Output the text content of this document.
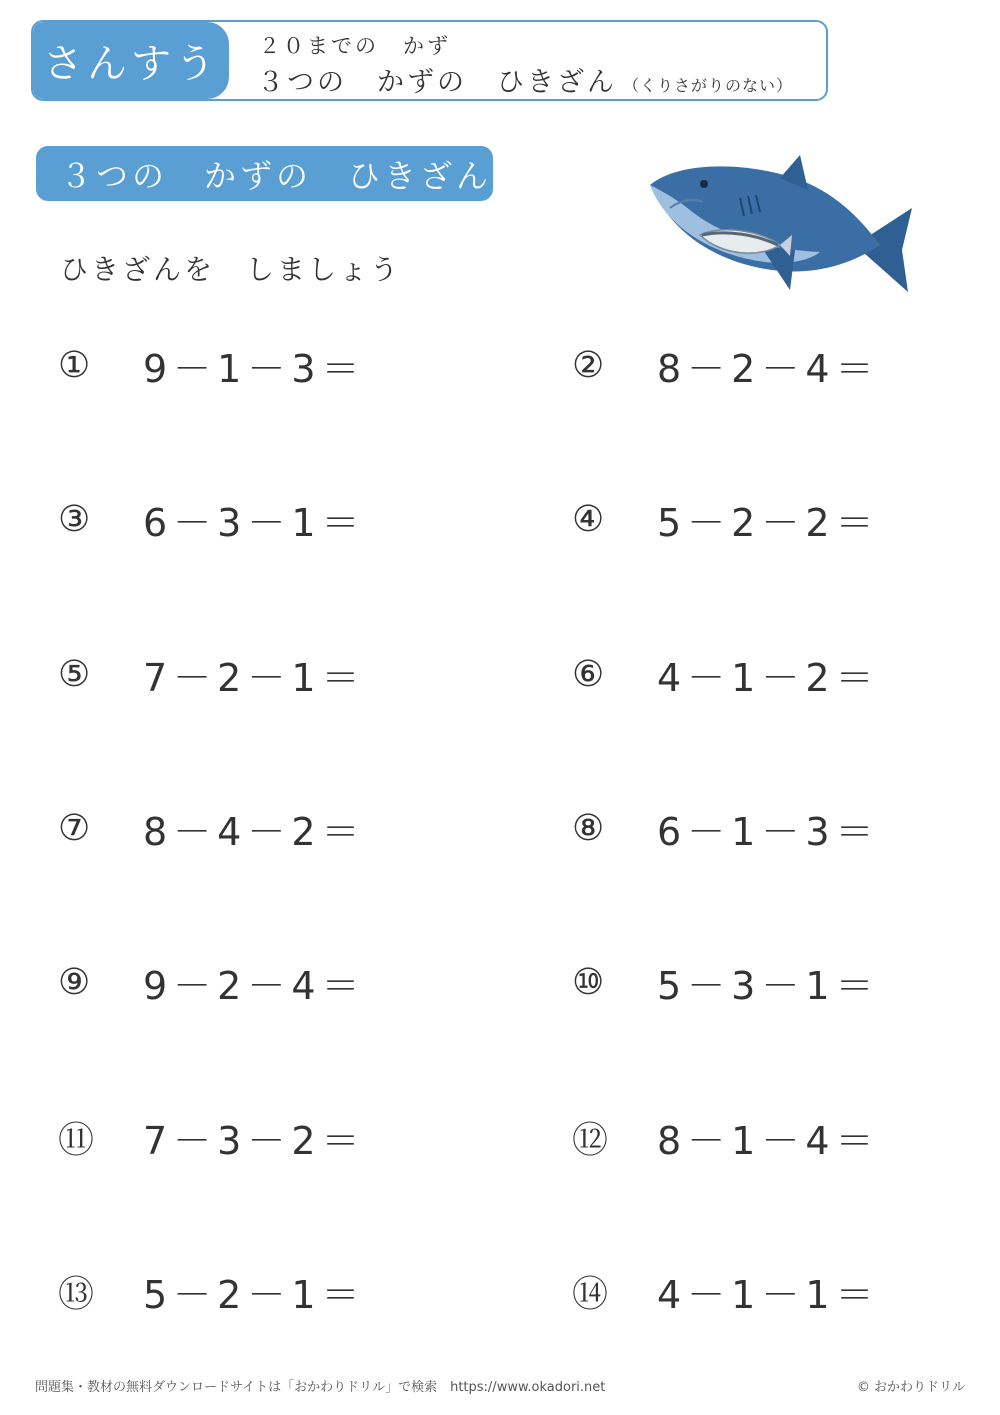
さんすう	２０までの　かず
３つの　かずの　ひきざん （くりさがりのない）
３つの　かずの　ひきざん
ひきざんを　しましょう
①	9－1－3＝	②	8－2－4＝
③	6－3－1＝	④	5－2－2＝
⑤	7－2－1＝	⑥	4－1－2＝
⑦	8－4－2＝	⑧	6－1－3＝
⑨	9－2－4＝	⑩	5－3－1＝
⑪	7－3－2＝	⑫	8－1－4＝
⑬	5－2－1＝	⑭	4－1－1＝
問題集・教材の無料ダウンロードサイトは「おかわりドリル」で検索　https://www.okadori.net	© おかわりドリル
